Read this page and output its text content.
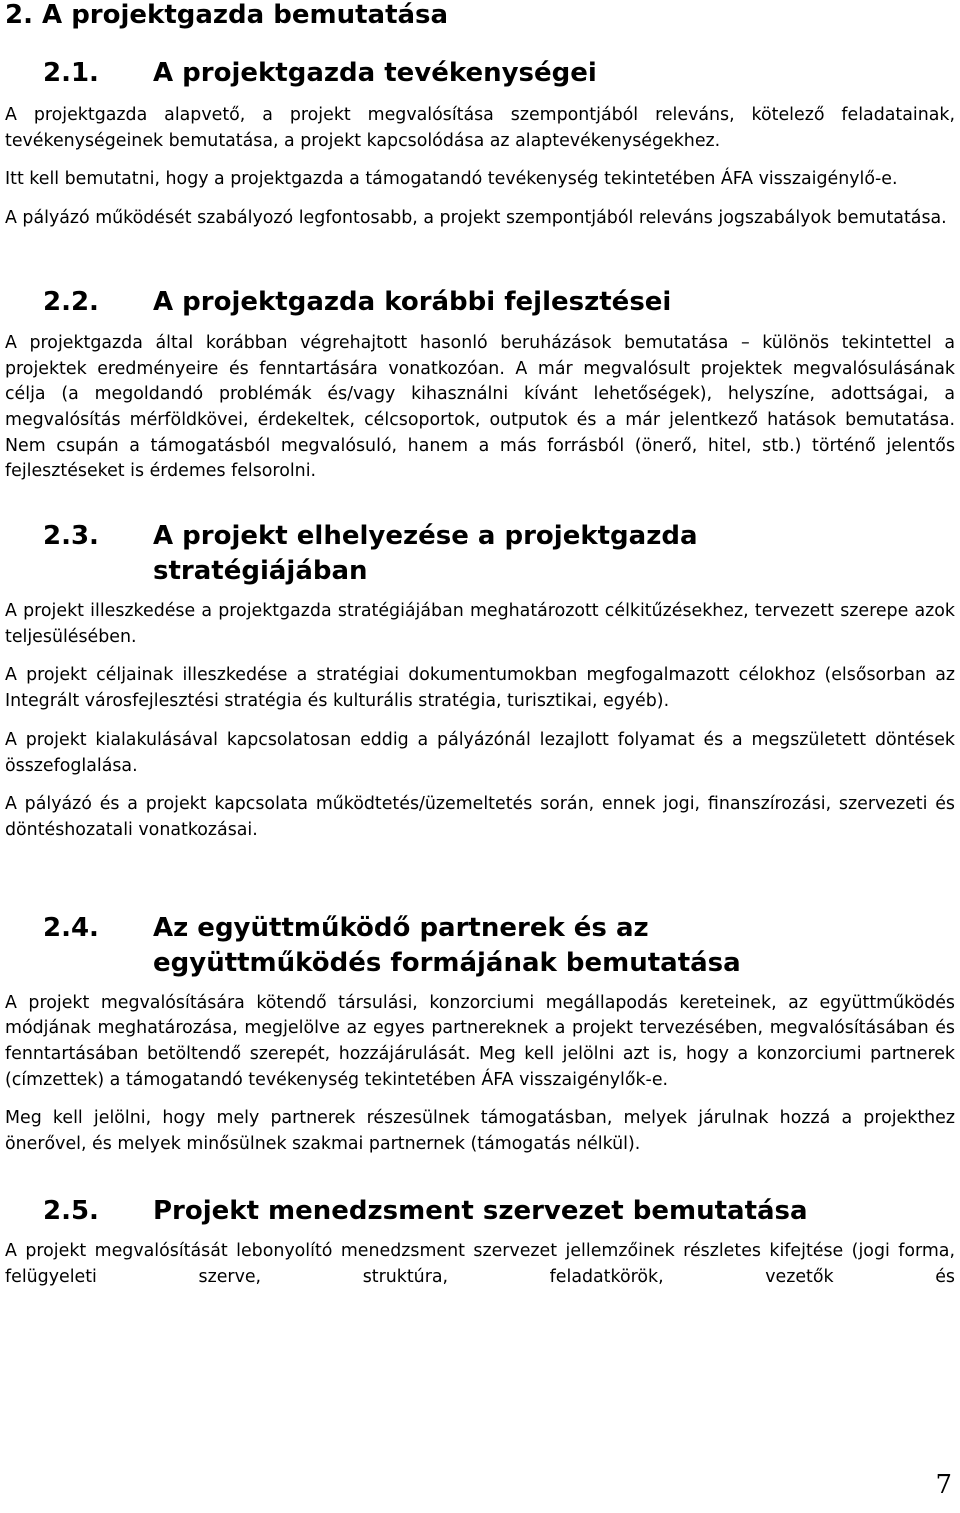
2. A projektgazda bemutatása
2.1.	A projektgazda tevékenységei

A projektgazda alapvető, a projekt megvalósítása szempontjából releváns, kötelező feladatainak, tevékenységeinek bemutatása, a projekt kapcsolódása az alaptevékenységekhez.

Itt kell bemutatni, hogy a projektgazda a támogatandó tevékenység tekintetében ÁFA visszaigénylő-e.

A pályázó működését szabályozó legfontosabb, a projekt szempontjából releváns jogszabályok bemutatása.

2.2.	A projektgazda korábbi fejlesztései

A projektgazda által korábban végrehajtott hasonló beruházások bemutatása – különös tekintettel a projektek eredményeire és fenntartására vonatkozóan. A már megvalósult projektek megvalósulásának célja (a megoldandó problémák és/vagy kihasználni kívánt lehetőségek), helyszíne, adottságai, a megvalósítás mérföldkövei, érdekeltek, célcsoportok, outputok és a már jelentkező hatások bemutatása. Nem csupán a támogatásból megvalósuló, hanem a más forrásból (önerő, hitel, stb.) történő jelentős fejlesztéseket is érdemes felsorolni.

2.3.	A projekt elhelyezése a projektgazda stratégiájában

A projekt illeszkedése a projektgazda stratégiájában meghatározott célkitűzésekhez, tervezett szerepe azok teljesülésében.

A projekt céljainak illeszkedése a stratégiai dokumentumokban megfogalmazott célokhoz (elsősorban az Integrált városfejlesztési stratégia és kulturális stratégia, turisztikai, egyéb).

A projekt kialakulásával kapcsolatosan eddig a pályázónál lezajlott folyamat és a megszületett döntések összefoglalása.

A pályázó és a projekt kapcsolata működtetés/üzemeltetés során, ennek jogi, finanszírozási, szervezeti és döntéshozatali vonatkozásai.

2.4.	Az együttműködő partnerek és az együttműködés formájának bemutatása

A projekt megvalósítására kötendő társulási, konzorciumi megállapodás kereteinek, az együttműködés módjának meghatározása, megjelölve az egyes partnereknek a projekt tervezésében, megvalósításában és fenntartásában betöltendő szerepét, hozzájárulását. Meg kell jelölni azt is, hogy a konzorciumi partnerek (címzettek) a támogatandó tevékenység tekintetében ÁFA visszaigénylők-e.

Meg kell jelölni, hogy mely partnerek részesülnek támogatásban, melyek járulnak hozzá a projekthez önerővel, és melyek minősülnek szakmai partnernek (támogatás nélkül).

2.5.	Projekt menedzsment szervezet bemutatása

A projekt megvalósítását lebonyolító menedzsment szervezet jellemzőinek részletes kifejtése (jogi forma, felügyeleti szerve, struktúra, feladatkörök, vezetők és

7
